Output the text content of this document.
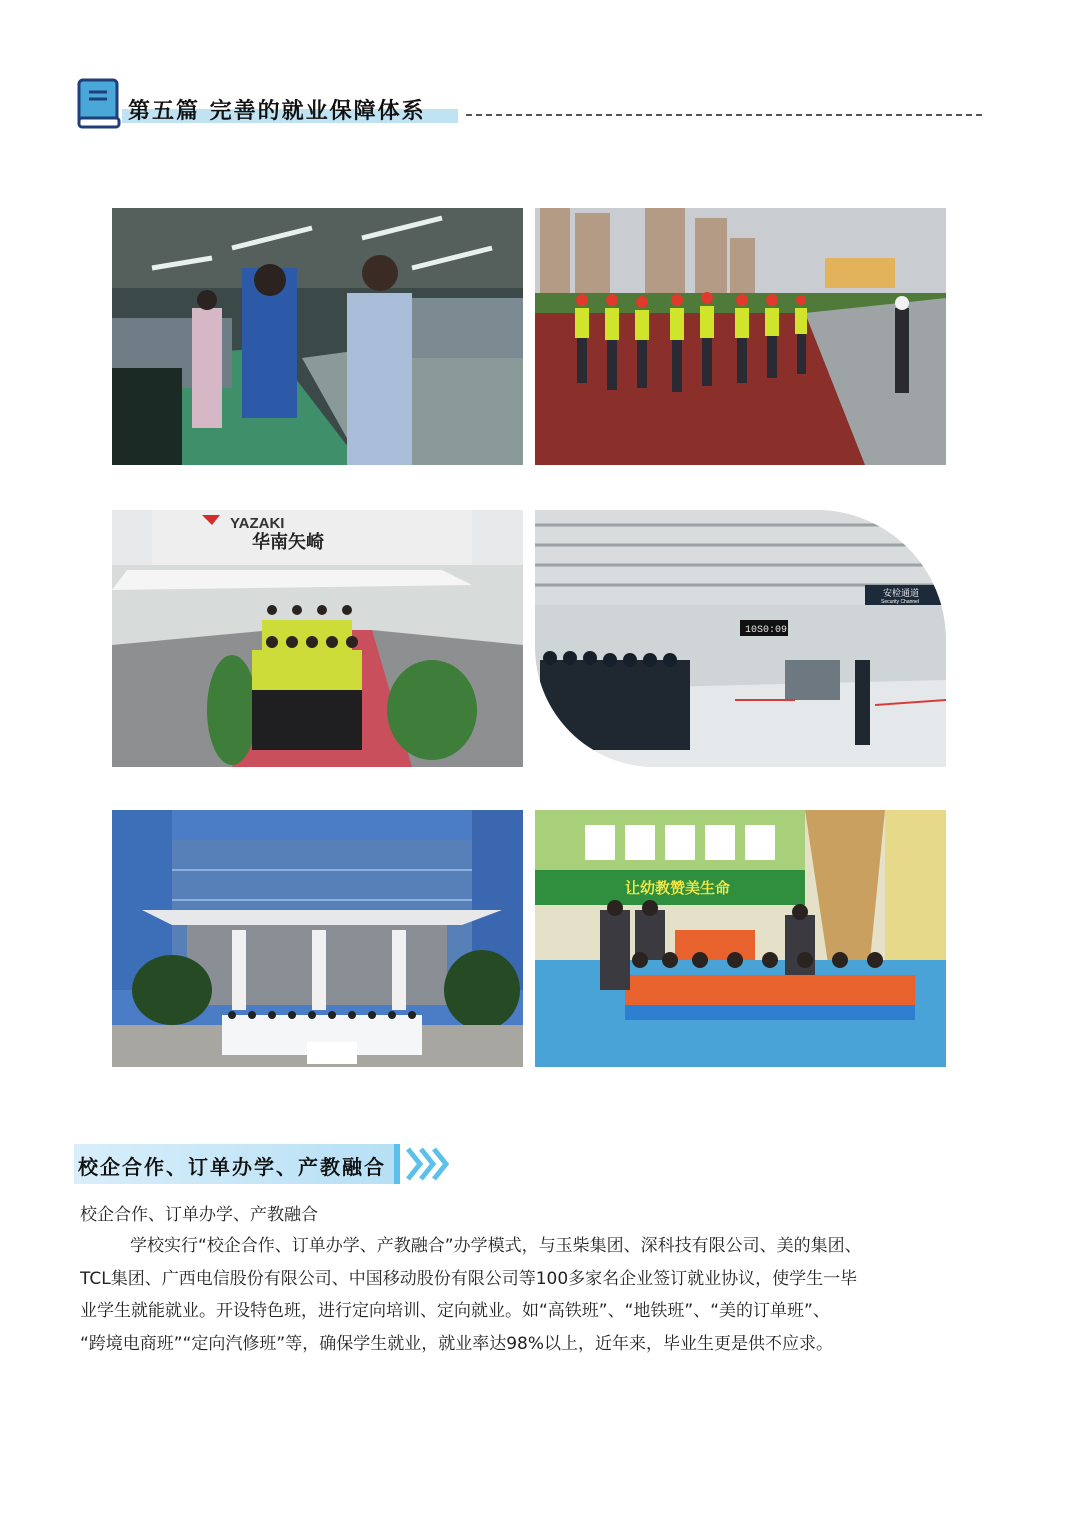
第五篇 完善的就业保障体系
YAZAKI
华南矢崎
安检通道
Security Channel
10S0:09
让幼教赞美生命
校企合作、订单办学、产教融合
校企合作、订单办学、产教融合
学校实行“校企合作、订单办学、产教融合”办学模式，与玉柴集团、深科技有限公司、美的集团、
TCL集团、广西电信股份有限公司、中国移动股份有限公司等100多家名企业签订就业协议，使学生一毕
业学生就能就业。开设特色班，进行定向培训、定向就业。如“高铁班”、“地铁班”、“美的订单班”、
“跨境电商班”“定向汽修班”等，确保学生就业，就业率达98%以上，近年来，毕业生更是供不应求。
